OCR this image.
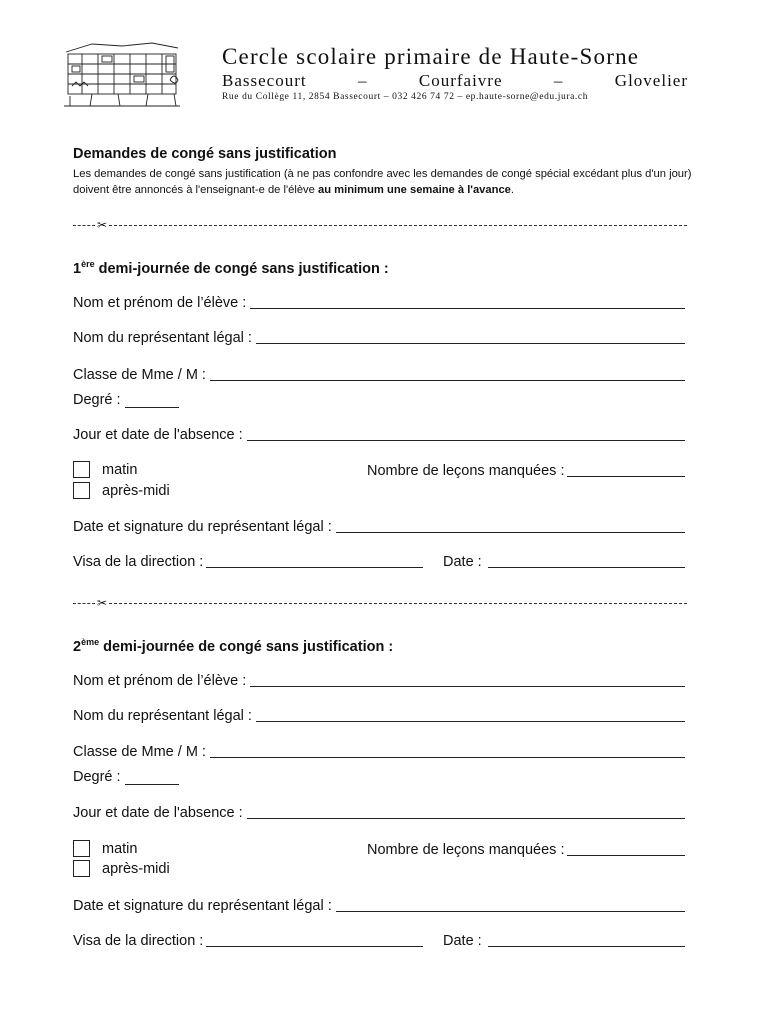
Cercle scolaire primaire de Haute-Sorne
Bassecourt	–	Courfaivre	–	Glovelier
Rue du Collège 11, 2854 Bassecourt – 032 426 74 72 – ep.haute-sorne@edu.jura.ch
Demandes de congé sans justification
Les demandes de congé sans justification (à ne pas confondre avec les demandes de congé spécial excédant plus d'un jour) doivent être annoncés à l'enseignant-e de l'élève au minimum une semaine à l'avance.
✂
1ère demi-journée de congé sans justification :
Nom et prénom de l’élève :
Nom du représentant légal :
Classe de Mme / M :
Degré :
Jour et date de l'absence :
matin	Nombre de leçons manquées :
après-midi
Date et signature du représentant légal :
Visa de la direction :	Date :
✂
2ème demi-journée de congé sans justification :
Nom et prénom de l’élève :
Nom du représentant légal :
Classe de Mme / M :
Degré :
Jour et date de l'absence :
matin	Nombre de leçons manquées :
après-midi
Date et signature du représentant légal :
Visa de la direction :	Date :
